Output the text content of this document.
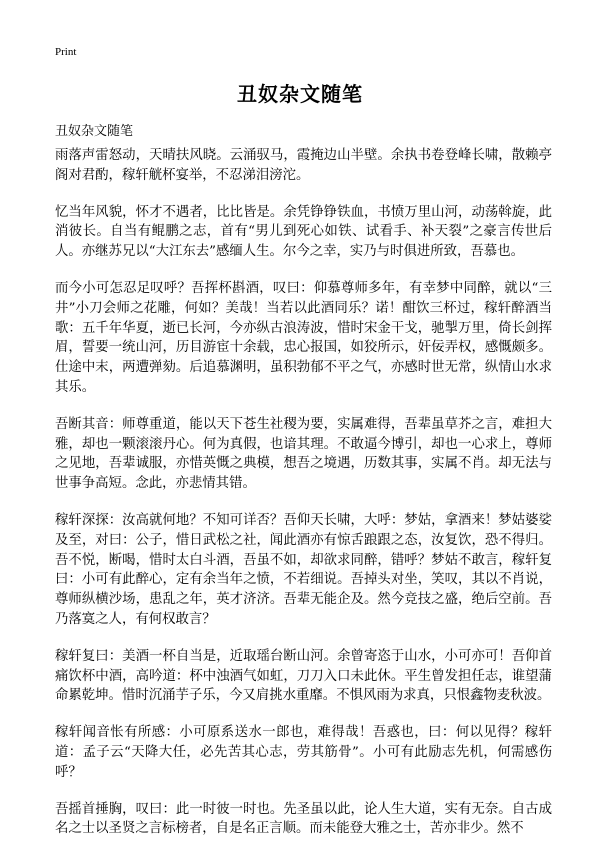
Print
丑奴杂文随笔
丑奴杂文随笔

雨落声雷怒动，天晴扶风晓。云涌驭马，霞掩边山半壁。余执书卷登峰长啸，散赖亭阁对君酌，稼轩觥杯宴举，不忍涕泪滂沱。

忆当年风貌，怀才不遇者，比比皆是。余凭铮铮铁血，书愤万里山河，动荡斡旋，此消彼长。自当有鲲鹏之志，首有“男儿到死心如铁、试看手、补天裂”之豪言传世后人。亦继苏兄以“大江东去”感缅人生。尔今之幸，实乃与时俱进所致，吾慕也。

而今小可怎忍足叹呼？吾挥杯斟酒，叹曰：仰慕尊师多年，有幸梦中同醉，就以“三井”小刀会师之花雕，何如？美哉！当若以此酒同乐？诺！酣饮三杯过，稼轩醉酒当歌：五千年华夏，逝已长河，今亦纵古浪涛波，惜时宋金干戈，驰掣万里，倚长剑挥眉，誓要一统山河，历目游宦十余载，忠心报国，如狡所示，奸佞弄权，感慨颇多。仕途中末，两遭弹劾。后追慕渊明，虽积勃郁不平之气，亦感时世无常，纵情山水求其乐。

吾断其音：师尊重道，能以天下苍生社稷为要，实属难得，吾辈虽草芥之言，难担大雅，却也一颗滚滚丹心。何为真假，也谙其理。不敢逼今博引，却也一心求上，尊师之见地，吾辈诚服，亦惜英慨之典模，想吾之境遇，历数其事，实属不肖。却无法与世事争高短。念此，亦悲情其错。

稼轩深探：汝高就何地？不知可详否？吾仰天长啸，大呼：梦姑，拿酒来！梦姑婆娑及至，对曰：公子，惜日武松之社，闻此酒亦有惊舌踉跟之态，汝复饮，恐不得归。吾不悦，断喝，惜时太白斗酒，吾虽不如，却欲求同醉，错呼？梦姑不敢言，稼轩复曰：小可有此醉心，定有余当年之愤，不若细说。吾掉头对坐，笑叹，其以不肖说，尊师纵横沙场，患乱之年，英才济济。吾辈无能企及。然今竞技之盛，绝后空前。吾乃落寞之人，有何权敢言？

稼轩复曰：美酒一杯自当是，近取瑶台断山河。余曾寄恣于山水，小可亦可！吾仰首痛饮杯中酒，高吟道：杯中浊酒气如虹，刀刀入口未此休。平生曾发担任志，谁望蒲命累乾坤。惜时沉涌芋子乐，今又肩挑水重靡。不惧风雨为求真，只恨鑫物麦秋波。

稼轩闻音怅有所感：小可原系送水一郎也，难得哉！吾惑也，曰：何以见得？稼轩道：孟子云“天降大任，必先苦其心志，劳其筋骨”。小可有此励志先机，何需感伤呼？

吾摇首捶胸，叹曰：此一时彼一时也。先圣虽以此，论人生大道，实有无奈。自古成名之士以圣贤之言标榜者，自是名正言顺。而未能登大雅之士，苦亦非少。然不
